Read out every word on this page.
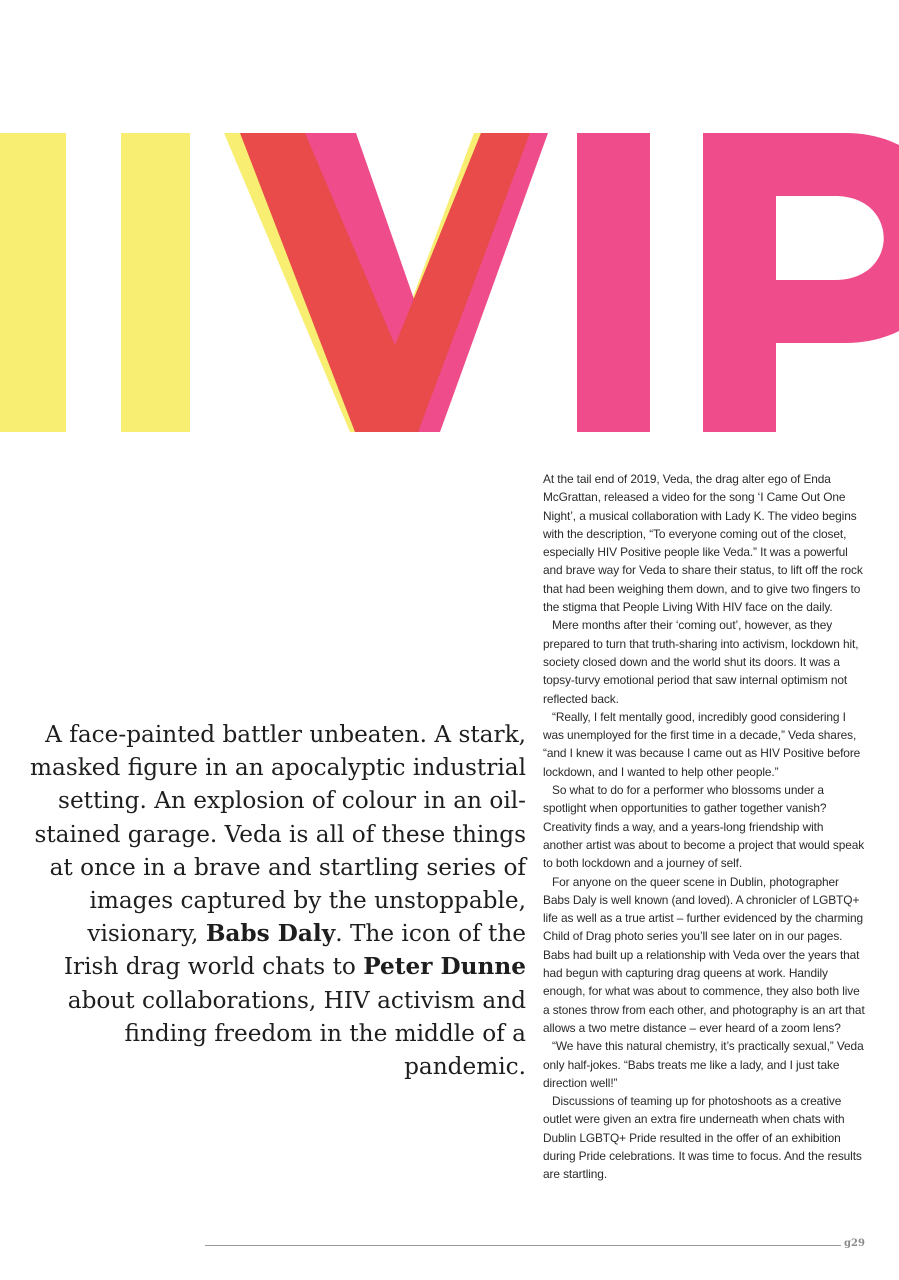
A face-painted battler unbeaten. A stark, masked figure in an apocalyptic industrial setting. An explosion of colour in an oil-stained garage. Veda is all of these things at once in a brave and startling series of images captured by the unstoppable, visionary, Babs Daly. The icon of the Irish drag world chats to Peter Dunne about collaborations, HIV activism and finding freedom in the middle of a pandemic.

At the tail end of 2019, Veda, the drag alter ego of Enda McGrattan, released a video for the song ‘I Came Out One Night’, a musical collaboration with Lady K. The video begins with the description, “To everyone coming out of the closet, especially HIV Positive people like Veda.” It was a powerful and brave way for Veda to share their status, to lift off the rock that had been weighing them down, and to give two fingers to the stigma that People Living With HIV face on the daily.

Mere months after their ‘coming out’, however, as they prepared to turn that truth-sharing into activism, lockdown hit, society closed down and the world shut its doors. It was a topsy-turvy emotional period that saw internal optimism not reflected back.

“Really, I felt mentally good, incredibly good considering I was unemployed for the first time in a decade,” Veda shares, “and I knew it was because I came out as HIV Positive before lockdown, and I wanted to help other people.”

So what to do for a performer who blossoms under a spotlight when opportunities to gather together vanish? Creativity finds a way, and a years-long friendship with another artist was about to become a project that would speak to both lockdown and a journey of self.

For anyone on the queer scene in Dublin, photographer Babs Daly is well known (and loved). A chronicler of LGBTQ+ life as well as a true artist – further evidenced by the charming Child of Drag photo series you’ll see later on in our pages. Babs had built up a relationship with Veda over the years that had begun with capturing drag queens at work. Handily enough, for what was about to commence, they also both live a stones throw from each other, and photography is an art that allows a two metre distance – ever heard of a zoom lens?

“We have this natural chemistry, it’s practically sexual,” Veda only half-jokes. “Babs treats me like a lady, and I just take direction well!”

Discussions of teaming up for photoshoots as a creative outlet were given an extra fire underneath when chats with Dublin LGBTQ+ Pride resulted in the offer of an exhibition during Pride celebrations. It was time to focus. And the results are startling.

g29
